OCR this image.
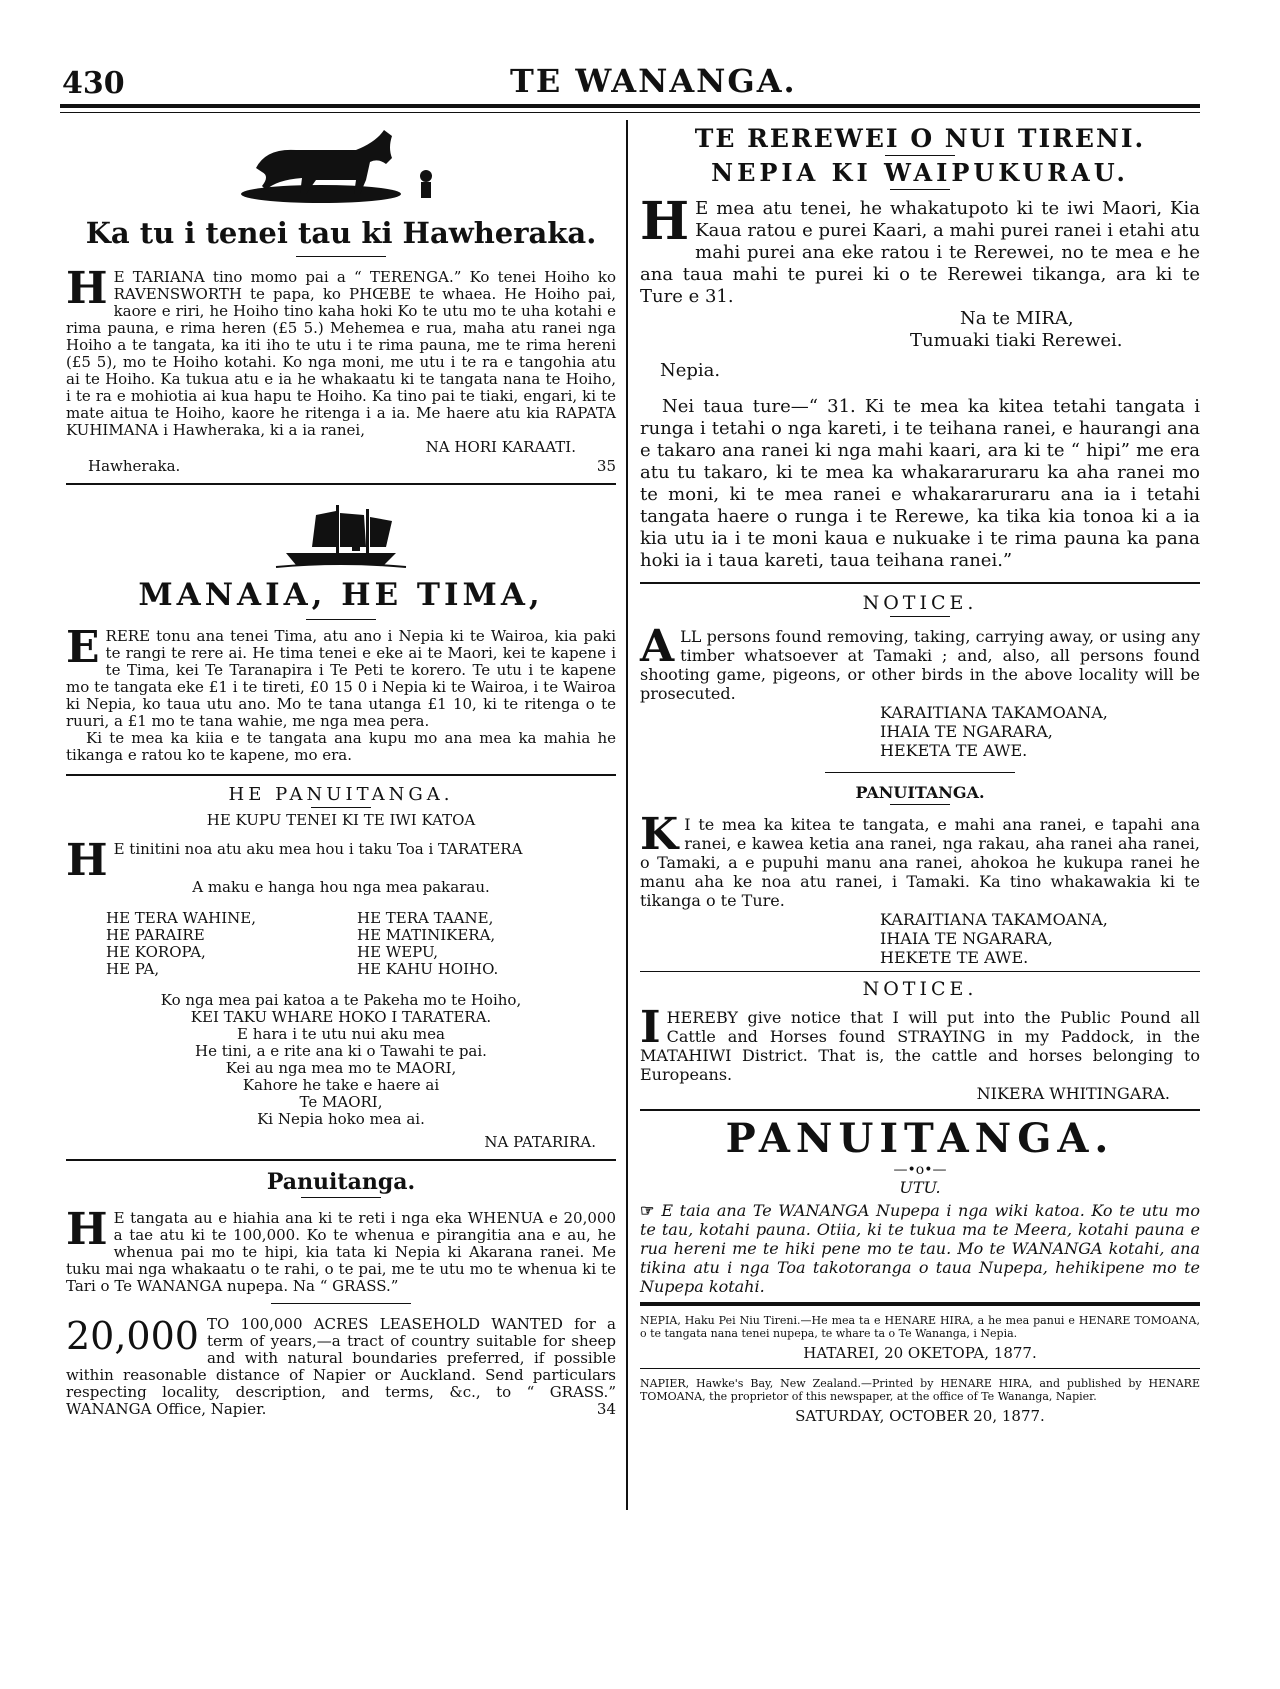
430	TE WANANGA.
Ka tu i tenei tau ki Hawheraka.
H E TARIANA tino momo pai a “ TERENGA.” Ko tenei Hoiho ko RAVENSWORTH te papa, ko PHŒBE te whaea. He Hoiho pai, kaore e riri, he Hoiho tino kaha hoki Ko te utu mo te uha kotahi e rima pauna, e rima heren (£5 5.) Mehemea e rua, maha atu ranei nga Hoiho a te tangata, ka iti iho te utu i te rima pauna, me te rima hereni (£5 5), mo te Hoiho kotahi. Ko nga moni, me utu i te ra e tangohia atu ai te Hoiho. Ka tukua atu e ia he whakaatu ki te tangata nana te Hoiho, i te ra e mohiotia ai kua hapu te Hoiho. Ka tino pai te tiaki, engari, ki te mate aitua te Hoiho, kaore he ritenga i a ia. Me haere atu kia RAPATA KUHIMANA i Hawheraka, ki a ia ranei,
NA HORI KARAATI.
Hawheraka.	35
MANAIA, HE TIMA,
ERERE tonu ana tenei Tima, atu ano i Nepia ki te Wairoa, kia paki te rangi te rere ai. He tima tenei e eke ai te Maori, kei te kapene i te Tima, kei Te Taranapira i Te Peti te korero. Te utu i te kapene mo te tangata eke £1 i te tireti, £0 15 0 i Nepia ki te Wairoa, i te Wairoa ki Nepia, ko taua utu ano. Mo te tana utanga £1 10, ki te ritenga o te ruuri, a £1 mo te tana wahie, me nga mea pera.
Ki te mea ka kiia e te tangata ana kupu mo ana mea ka mahia he tikanga e ratou ko te kapene, mo era.
HE PANUITANGA.
HE KUPU TENEI KI TE IWI KATOA
H E tinitini noa atu aku mea hou i taku Toa i TARATERA
A maku e hanga hou nga mea pakarau.
HE TERA WAHINE,
HE PARAIRE
HE KOROPA,
HE PA,
HE TERA TAANE,
HE MATINIKERA,
HE WEPU,
HE KAHU HOIHO.
Ko nga mea pai katoa a te Pakeha mo te Hoiho,
KEI TAKU WHARE HOKO I TARATERA.
E hara i te utu nui aku mea
He tini, a e rite ana ki o Tawahi te pai.
Kei au nga mea mo te MAORI,
Kahore he take e haere ai
Te MAORI,
Ki Nepia hoko mea ai.
NA PATARIRA.
Panuitanga.
H E tangata au e hiahia ana ki te reti i nga eka WHENUA e 20,000 a tae atu ki te 100,000. Ko te whenua e pirangitia ana e au, he whenua pai mo te hipi, kia tata ki Nepia ki Akarana ranei. Me tuku mai nga whakaatu o te rahi, o te pai, me te utu mo te whenua ki te Tari o Te WANANGA nupepa. Na “ GRASS.”
20,000 TO 100,000 ACRES LEASEHOLD WANTED for a term of years,—a tract of country suitable for sheep and with natural boundaries preferred, if possible within reasonable distance of Napier or Auckland. Send particulars respecting locality, description, and terms, &c., to “ GRASS.” WANANGA Office, Napier.	34
TE REREWEI O NUI TIRENI.
NEPIA KI WAIPUKURAU.
H E mea atu tenei, he whakatupoto ki te iwi Maori, Kia Kaua ratou e purei Kaari, a mahi purei ranei i etahi atu mahi purei ana eke ratou i te Rerewei, no te mea e he ana taua mahi te purei ki o te Rerewei tikanga, ara ki te Ture e 31.
Na te MIRA,
Tumuaki tiaki Rerewei.
Nepia.
Nei taua ture—“ 31. Ki te mea ka kitea tetahi tangata i runga i tetahi o nga kareti, i te teihana ranei, e haurangi ana e takaro ana ranei ki nga mahi kaari, ara ki te “ hipi” me era atu tu takaro, ki te mea ka whakararuraru ka aha ranei mo te moni, ki te mea ranei e whakararuraru ana ia i tetahi tangata haere o runga i te Rerewe, ka tika kia tonoa ki a ia kia utu ia i te moni kaua e nukuake i te rima pauna ka pana hoki ia i taua kareti, taua teihana ranei.”
NOTICE.
ALL persons found removing, taking, carrying away, or using any timber whatsoever at Tamaki ; and, also, all persons found shooting game, pigeons, or other birds in the above locality will be prosecuted.
KARAITIANA TAKAMOANA,
IHAIA TE NGARARA,
HEKETA TE AWE.
PANUITANGA.
K I te mea ka kitea te tangata, e mahi ana ranei, e tapahi ana ranei, e kawea ketia ana ranei, nga rakau, aha ranei aha ranei, o Tamaki, a e pupuhi manu ana ranei, ahokoa he kukupa ranei he manu aha ke noa atu ranei, i Tamaki. Ka tino whakawakia ki te tikanga o te Ture.
KARAITIANA TAKAMOANA,
IHAIA TE NGARARA,
HEKETE TE AWE.
NOTICE.
IHEREBY give notice that I will put into the Public Pound all Cattle and Horses found STRAYING in my Paddock, in the MATAHIWI District. That is, the cattle and horses belonging to Europeans.
NIKERA WHITINGARA.
PANUITANGA.
—•o•—
UTU.
☞ E taia ana Te WANANGA Nupepa i nga wiki katoa. Ko te utu mo te tau, kotahi pauna. Otiia, ki te tukua ma te Meera, kotahi pauna e rua hereni me te hiki pene mo te tau. Mo te WANANGA kotahi, ana tikina atu i nga Toa takotoranga o taua Nupepa, hehikipene mo te Nupepa kotahi.
NEPIA, Haku Pei Niu Tireni.—He mea ta e HENARE HIRA, a he mea panui e HENARE TOMOANA, o te tangata nana tenei nupepa, te whare ta o Te Wananga, i Nepia.
HATAREI, 20 OKETOPA, 1877.
NAPIER, Hawke's Bay, New Zealand.—Printed by HENARE HIRA, and published by HENARE TOMOANA, the proprietor of this newspaper, at the office of Te Wananga, Napier.
SATURDAY, OCTOBER 20, 1877.
